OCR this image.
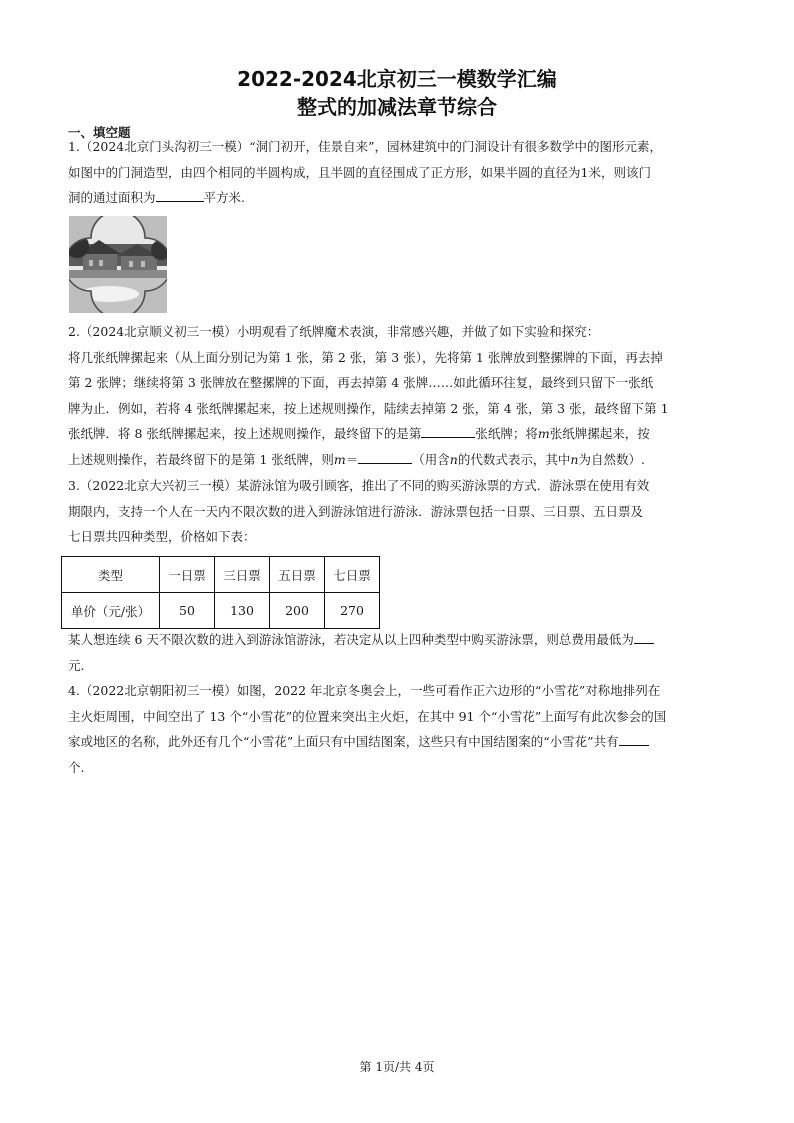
2022-2024北京初三一模数学汇编
整式的加减法章节综合
一、填空题

1.（2024北京门头沟初三一模）“洞门初开，佳景自来”，园林建筑中的门洞设计有很多数学中的图形元素，

如图中的门洞造型，由四个相同的半圆构成，且半圆的直径围成了正方形，如果半圆的直径为1米，则该门

洞的通过面积为	平方米.

2.（2024北京顺义初三一模）小明观看了纸牌魔术表演，非常感兴趣，并做了如下实验和探究：

将几张纸牌摞起来（从上面分别记为第 1 张，第 2 张，第 3 张），先将第 1 张牌放到整摞牌的下面，再去掉

第 2 张牌；继续将第 3 张牌放在整摞牌的下面，再去掉第 4 张牌……如此循环往复，最终到只留下一张纸

牌为止．例如，若将 4 张纸牌摞起来，按上述规则操作，陆续去掉第 2 张，第 4 张，第 3 张，最终留下第 1

张纸牌．将 8 张纸牌摞起来，按上述规则操作，最终留下的是第	张纸牌；将m张纸牌摞起来，按

上述规则操作，若最终留下的是第 1 张纸牌，则m＝	（用含n的代数式表示，其中n为自然数）.

3.（2022北京大兴初三一模）某游泳馆为吸引顾客，推出了不同的购买游泳票的方式．游泳票在使用有效

期限内，支持一个人在一天内不限次数的进入到游泳馆进行游泳．游泳票包括一日票、三日票、五日票及

七日票共四种类型，价格如下表：

类型	一日票	三日票	五日票	七日票
单价（元/张）	50	130	200	270

某人想连续 6 天不限次数的进入到游泳馆游泳，若决定从以上四种类型中购买游泳票，则总费用最低为

元.

4.（2022北京朝阳初三一模）如图，2022 年北京冬奥会上，一些可看作正六边形的“小雪花”对称地排列在

主火炬周围，中间空出了 13 个“小雪花”的位置来突出主火炬，在其中 91 个“小雪花”上面写有此次参会的国

家或地区的名称，此外还有几个“小雪花”上面只有中国结图案，这些只有中国结图案的“小雪花”共有

个.

第 1页/共 4页
